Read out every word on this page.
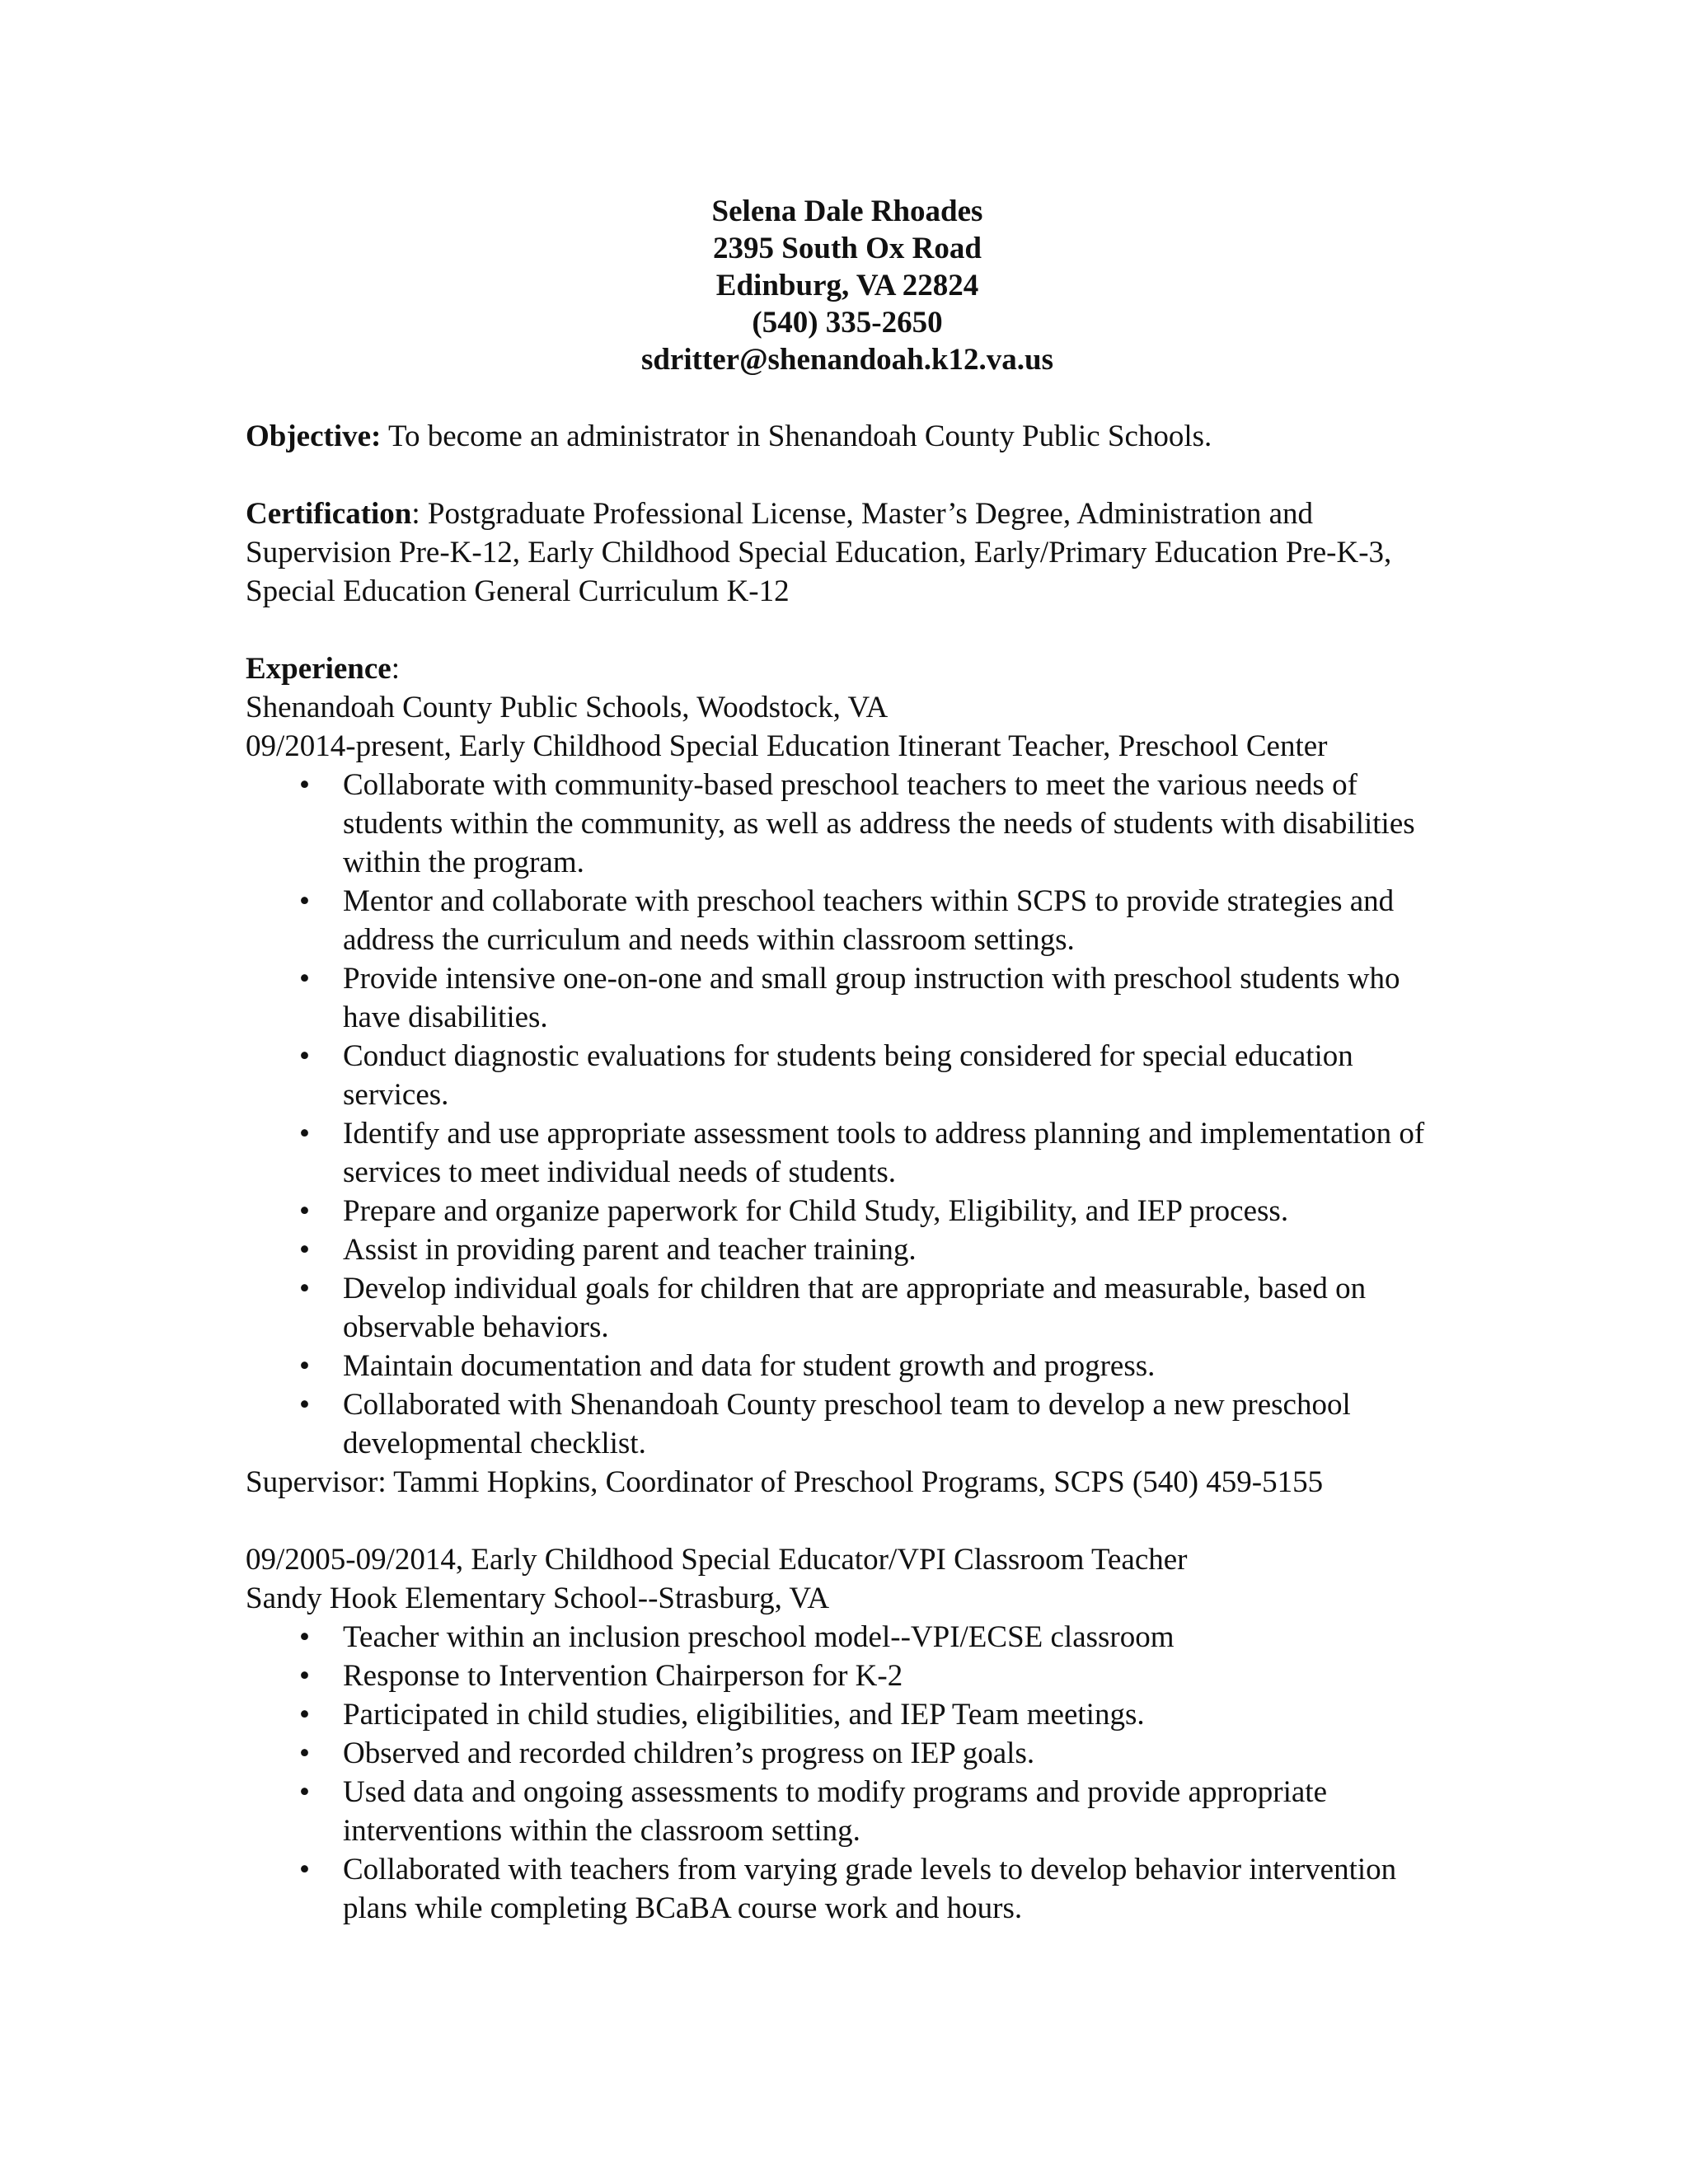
Selena Dale Rhoades
2395 South Ox Road
Edinburg, VA 22824
(540) 335-2650
sdritter@shenandoah.k12.va.us

Objective: To become an administrator in Shenandoah County Public Schools.

Certification: Postgraduate Professional License, Master’s Degree, Administration and Supervision Pre-K-12, Early Childhood Special Education, Early/Primary Education Pre-K-3, Special Education General Curriculum K-12

Experience:

Shenandoah County Public Schools, Woodstock, VA

09/2014-present, Early Childhood Special Education Itinerant Teacher, Preschool Center

• Collaborate with community-based preschool teachers to meet the various needs of students within the community, as well as address the needs of students with disabilities within the program.
• Mentor and collaborate with preschool teachers within SCPS to provide strategies and address the curriculum and needs within classroom settings.
• Provide intensive one-on-one and small group instruction with preschool students who have disabilities.
• Conduct diagnostic evaluations for students being considered for special education services.
• Identify and use appropriate assessment tools to address planning and implementation of services to meet individual needs of students.
• Prepare and organize paperwork for Child Study, Eligibility, and IEP process.
• Assist in providing parent and teacher training.
• Develop individual goals for children that are appropriate and measurable, based on observable behaviors.
• Maintain documentation and data for student growth and progress.
• Collaborated with Shenandoah County preschool team to develop a new preschool developmental checklist.

Supervisor: Tammi Hopkins, Coordinator of Preschool Programs, SCPS (540) 459-5155

09/2005-09/2014, Early Childhood Special Educator/VPI Classroom Teacher

Sandy Hook Elementary School--Strasburg, VA

• Teacher within an inclusion preschool model--VPI/ECSE classroom
• Response to Intervention Chairperson for K-2
• Participated in child studies, eligibilities, and IEP Team meetings.
• Observed and recorded children’s progress on IEP goals.
• Used data and ongoing assessments to modify programs and provide appropriate interventions within the classroom setting.
• Collaborated with teachers from varying grade levels to develop behavior intervention plans while completing BCaBA course work and hours.
